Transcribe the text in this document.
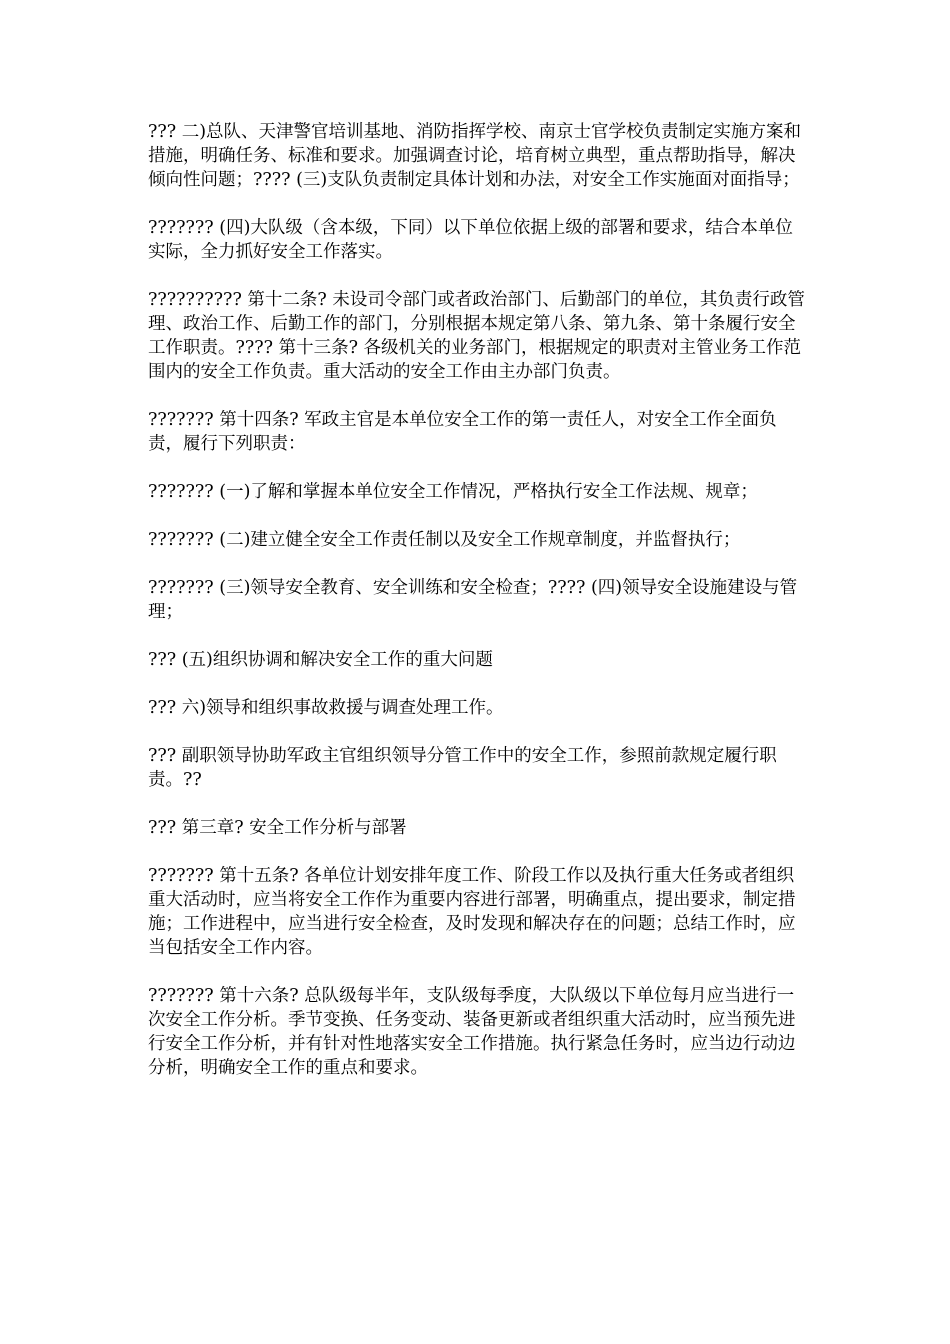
??? 二)总队、天津警官培训基地、消防指挥学校、南京士官学校负责制定实施方案和措施，明确任务、标准和要求。加强调查讨论，培育树立典型，重点帮助指导，解决倾向性问题；???? (三)支队负责制定具体计划和办法，对安全工作实施面对面指导；

??????? (四)大队级（含本级，下同）以下单位依据上级的部署和要求，结合本单位实际，全力抓好安全工作落实。

?????????? 第十二条? 未设司令部门或者政治部门、后勤部门的单位，其负责行政管理、政治工作、后勤工作的部门，分别根据本规定第八条、第九条、第十条履行安全工作职责。???? 第十三条? 各级机关的业务部门，根据规定的职责对主管业务工作范围内的安全工作负责。重大活动的安全工作由主办部门负责。

??????? 第十四条? 军政主官是本单位安全工作的第一责任人，对安全工作全面负责，履行下列职责：

??????? (一)了解和掌握本单位安全工作情况，严格执行安全工作法规、规章；

??????? (二)建立健全安全工作责任制以及安全工作规章制度，并监督执行；

??????? (三)领导安全教育、安全训练和安全检查；???? (四)领导安全设施建设与管理；

??? (五)组织协调和解决安全工作的重大问题

??? 六)领导和组织事故救援与调查处理工作。

??? 副职领导协助军政主官组织领导分管工作中的安全工作，参照前款规定履行职责。??

??? 第三章? 安全工作分析与部署

??????? 第十五条? 各单位计划安排年度工作、阶段工作以及执行重大任务或者组织重大活动时，应当将安全工作作为重要内容进行部署，明确重点，提出要求，制定措施；工作进程中，应当进行安全检查，及时发现和解决存在的问题；总结工作时，应当包括安全工作内容。

??????? 第十六条? 总队级每半年，支队级每季度，大队级以下单位每月应当进行一次安全工作分析。季节变换、任务变动、装备更新或者组织重大活动时，应当预先进行安全工作分析，并有针对性地落实安全工作措施。执行紧急任务时，应当边行动边分析，明确安全工作的重点和要求。
